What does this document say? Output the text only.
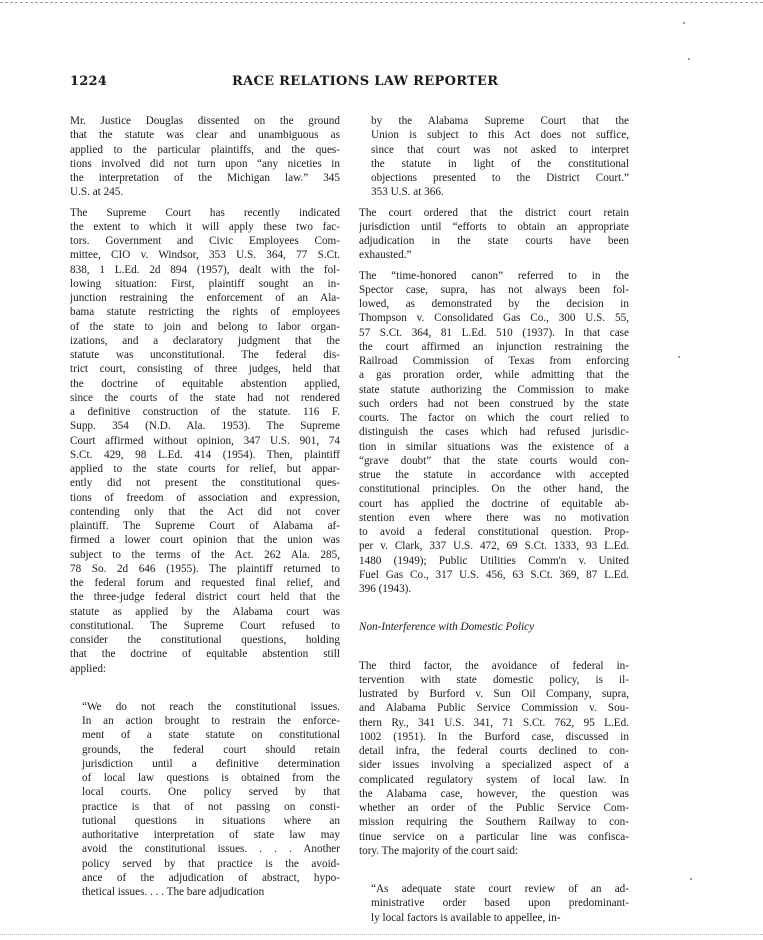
1224	RACE RELATIONS LAW REPORTER
Mr. Justice Douglas dissented on the ground
that the statute was clear and unambiguous as
applied to the particular plaintiffs, and the ques-
tions involved did not turn upon “any niceties in
the interpretation of the Michigan law.” 345
U.S. at 245.
The Supreme Court has recently indicated
the extent to which it will apply these two fac-
tors. Government and Civic Employees Com-
mittee, CIO v. Windsor, 353 U.S. 364, 77 S.Ct.
838, 1 L.Ed. 2d 894 (1957), dealt with the fol-
lowing situation: First, plaintiff sought an in-
junction restraining the enforcement of an Ala-
bama statute restricting the rights of employees
of the state to join and belong to labor organ-
izations, and a declaratory judgment that the
statute was unconstitutional. The federal dis-
trict court, consisting of three judges, held that
the doctrine of equitable abstention applied,
since the courts of the state had not rendered
a definitive construction of the statute. 116 F.
Supp. 354 (N.D. Ala. 1953). The Supreme
Court affirmed without opinion, 347 U.S. 901, 74
S.Ct. 429, 98 L.Ed. 414 (1954). Then, plaintiff
applied to the state courts for relief, but appar-
ently did not present the constitutional ques-
tions of freedom of association and expression,
contending only that the Act did not cover
plaintiff. The Supreme Court of Alabama af-
firmed a lower court opinion that the union was
subject to the terms of the Act. 262 Ala. 285,
78 So. 2d 646 (1955). The plaintiff returned to
the federal forum and requested final relief, and
the three-judge federal district court held that the
statute as applied by the Alabama court was
constitutional. The Supreme Court refused to
consider the constitutional questions, holding
that the doctrine of equitable abstention still
applied:
“We do not reach the constitutional issues.
In an action brought to restrain the enforce-
ment of a state statute on constitutional
grounds, the federal court should retain
jurisdiction until a definitive determination
of local law questions is obtained from the
local courts. One policy served by that
practice is that of not passing on consti-
tutional questions in situations where an
authoritative interpretation of state law may
avoid the constitutional issues. . . . Another
policy served by that practice is the avoid-
ance of the adjudication of abstract, hypo-
thetical issues. . . . The bare adjudication
by the Alabama Supreme Court that the
Union is subject to this Act does not suffice,
since that court was not asked to interpret
the statute in light of the constitutional
objections presented to the District Court.”
353 U.S. at 366.
The court ordered that the district court retain
jurisdiction until “efforts to obtain an appropriate
adjudication in the state courts have been
exhausted.”
The “time-honored canon” referred to in the
Spector case, supra, has not always been fol-
lowed, as demonstrated by the decision in
Thompson v. Consolidated Gas Co., 300 U.S. 55,
57 S.Ct. 364, 81 L.Ed. 510 (1937). In that case
the court affirmed an injunction restraining the
Railroad Commission of Texas from enforcing
a gas proration order, while admitting that the
state statute authorizing the Commission to make
such orders had not been construed by the state
courts. The factor on which the court relied to
distinguish the cases which had refused jurisdic-
tion in similar situations was the existence of a
“grave doubt” that the state courts would con-
strue the statute in accordance with accepted
constitutional principles. On the other hand, the
court has applied the doctrine of equitable ab-
stention even where there was no motivation
to avoid a federal constitutional question. Prop-
per v. Clark, 337 U.S. 472, 69 S.Ct. 1333, 93 L.Ed.
1480 (1949); Public Utilities Comm'n v. United
Fuel Gas Co., 317 U.S. 456, 63 S.Ct. 369, 87 L.Ed.
396 (1943).
Non-Interference with Domestic Policy
The third factor, the avoidance of federal in-
tervention with state domestic policy, is il-
lustrated by Burford v. Sun Oil Company, supra,
and Alabama Public Service Commission v. Sou-
thern Ry., 341 U.S. 341, 71 S.Ct. 762, 95 L.Ed.
1002 (1951). In the Burford case, discussed in
detail infra, the federal courts declined to con-
sider issues involving a specialized aspect of a
complicated regulatory system of local law. In
the Alabama case, however, the question was
whether an order of the Public Service Com-
mission requiring the Southern Railway to con-
tinue service on a particular line was confisca-
tory. The majority of the court said:
“As adequate state court review of an ad-
ministrative order based upon predominant-
ly local factors is available to appellee, in-
